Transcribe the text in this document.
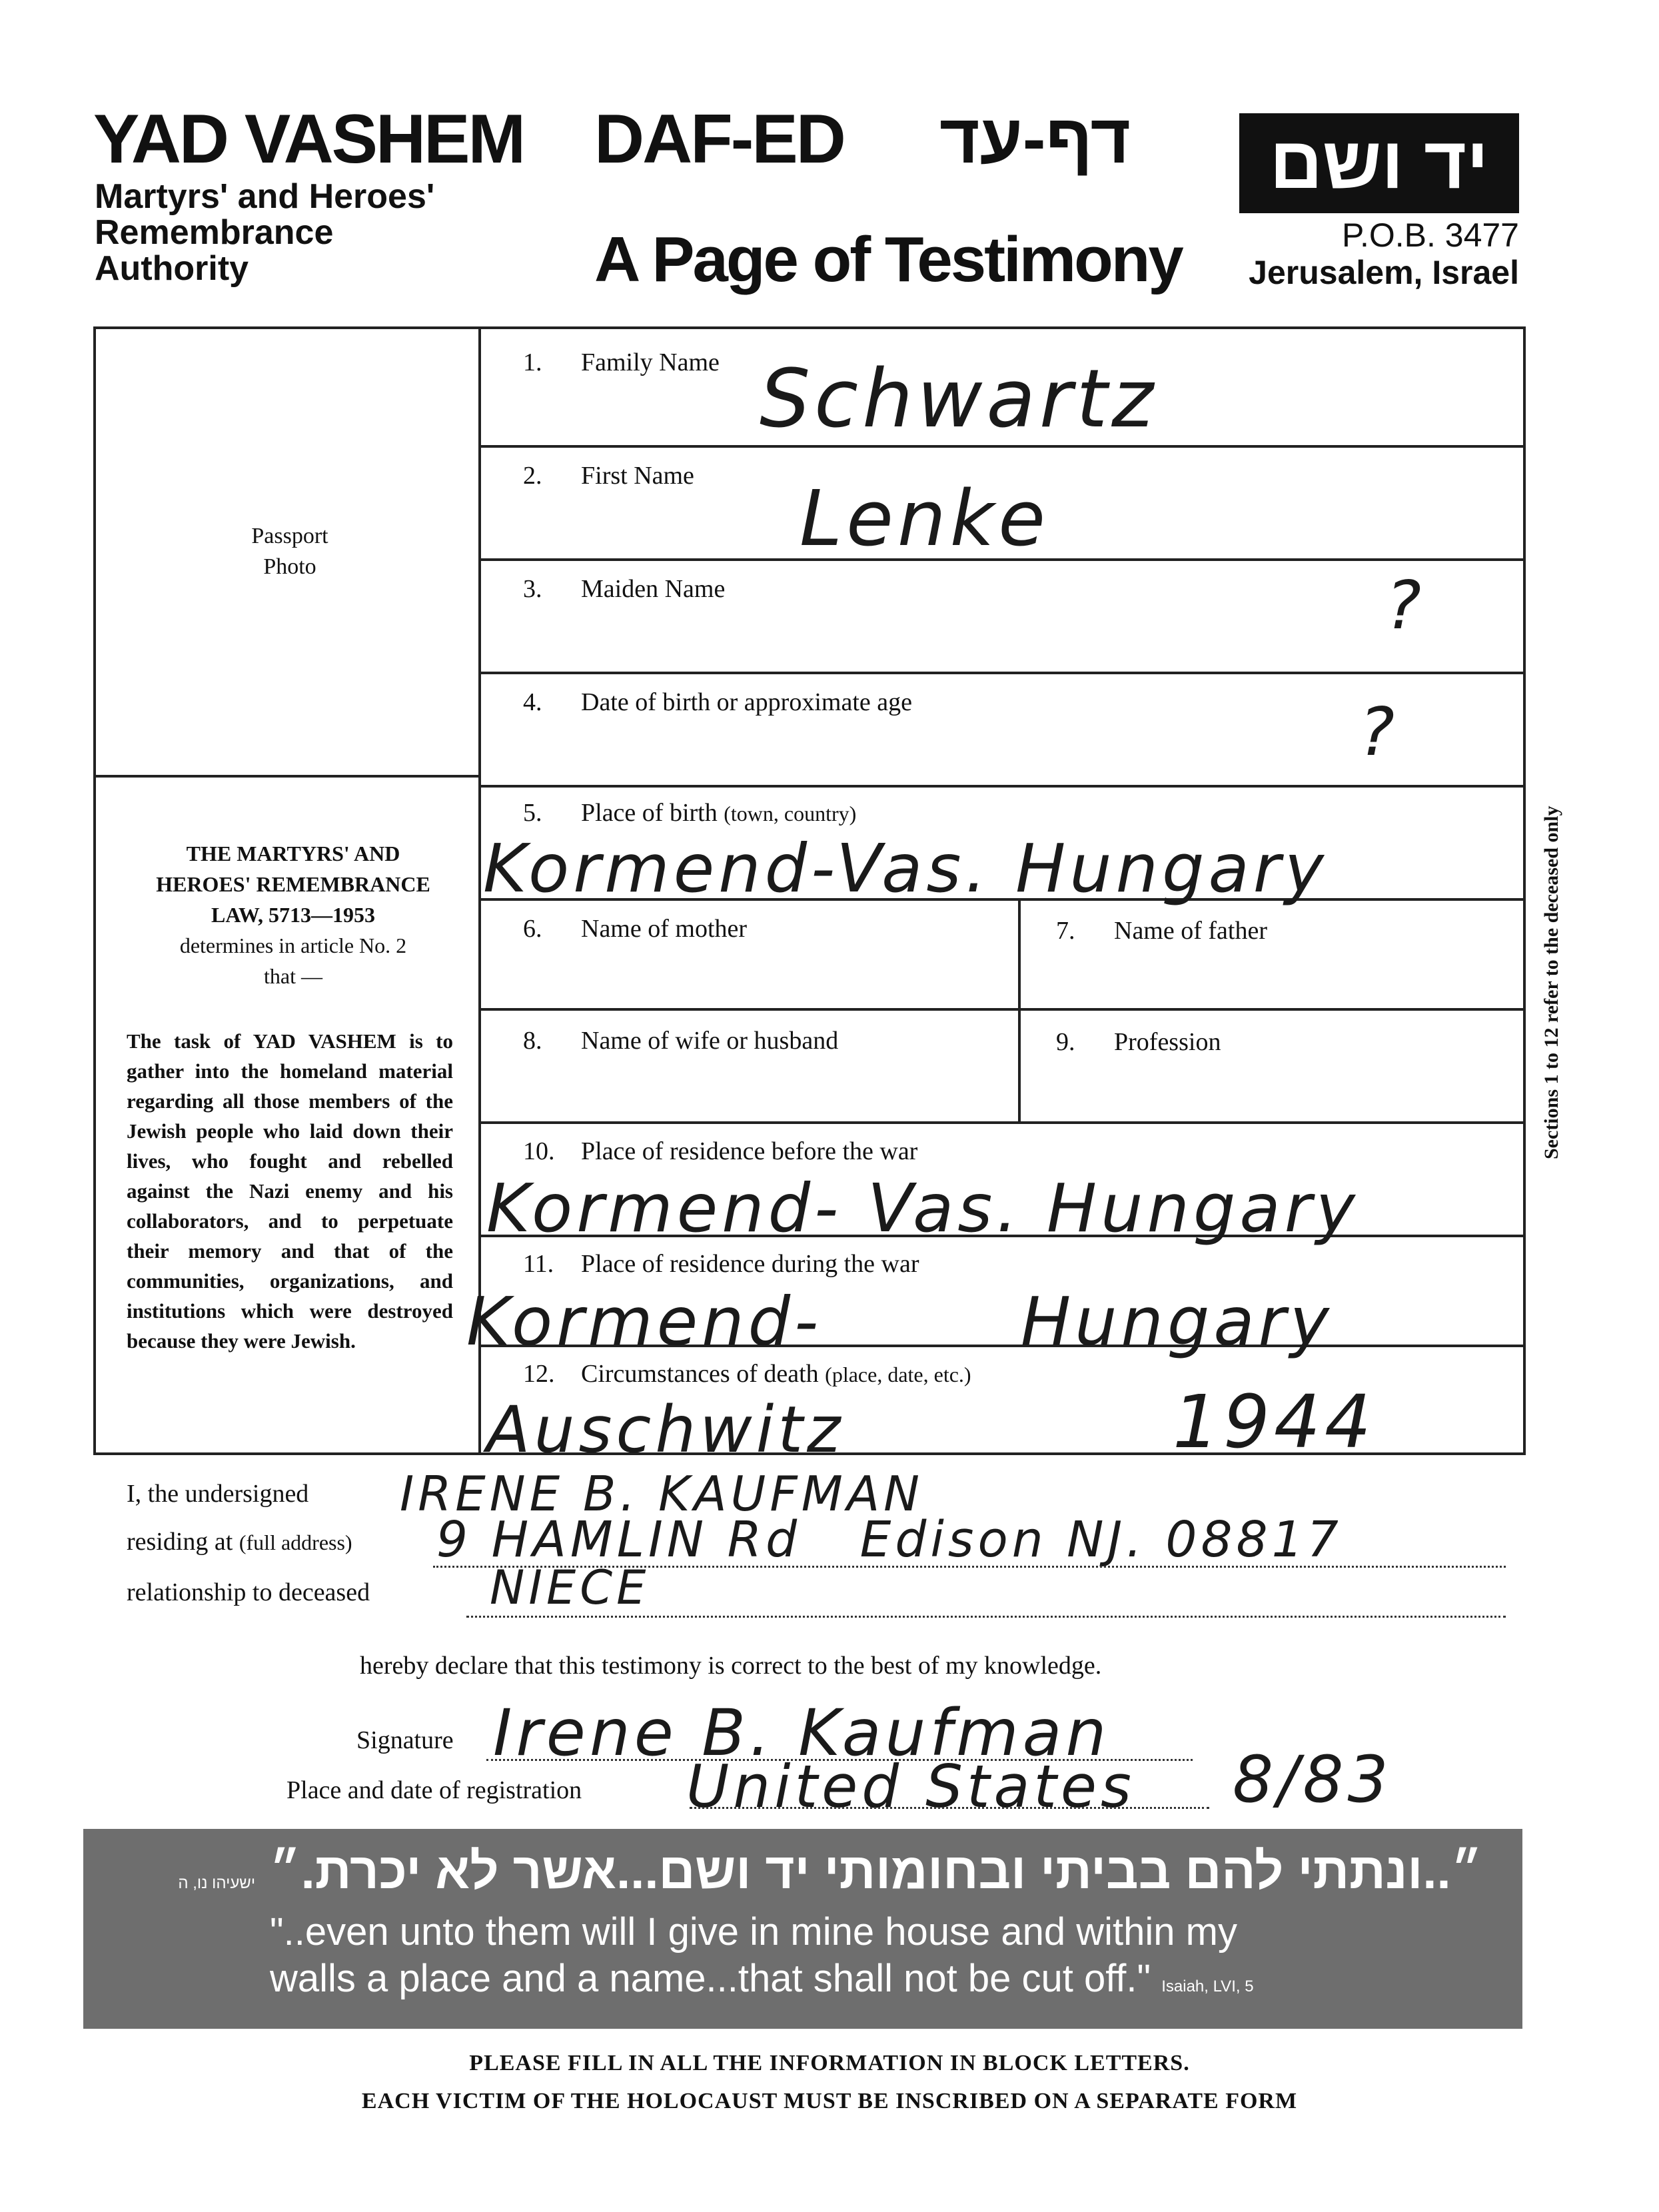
YAD VASHEM
Martyrs' and Heroes'
Remembrance
Authority
DAF-ED דף-עד
A Page of Testimony
יד ושם
P.O.B. 3477
Jerusalem, Israel
Passport
Photo
THE MARTYRS' AND
HEROES' REMEMBRANCE
LAW, 5713—1953
determines in article No. 2
that —
The task of YAD VASHEM is to gather into the homeland material regarding all those members of the Jewish people who laid down their lives, who fought and rebelled against the Nazi enemy and his collaborators, and to perpetuate their memory and that of the communities, organizations, and institutions which were destroyed because they were Jewish.
1. Family Name Schwartz
2. First Name Lenke
3. Maiden Name	?
4. Date of birth or approximate age	?
5. Place of birth (town, country)
Kormend-Vas. Hungary
6. Name of mother	7. Name of father
8. Name of wife or husband	9. Profession
10. Place of residence before the war
Kormend- Vas. Hungary
11. Place of residence during the war
Kormend- Hungary
12. Circumstances of death (place, date, etc.)
Auschwitz	1944
Sections 1 to 12 refer to the deceased only
I, the undersigned IRENE B. KAUFMAN
residing at (full address) 9 HAMLIN Rd   Edison NJ. 08817
relationship to deceased	NIECE
hereby declare that this testimony is correct to the best of my knowledge.
Signature Irene B. Kaufman
Place and date of registration United States 8/83
״..ונתתי להם בביתי ובחומותי יד ושם...אשר לא יכרת.״ ישעיהו נו, ה
"..even unto them will I give in mine house and within my
walls a place and a name...that shall not be cut off." Isaiah, LVI, 5
PLEASE FILL IN ALL THE INFORMATION IN BLOCK LETTERS.
EACH VICTIM OF THE HOLOCAUST MUST BE INSCRIBED ON A SEPARATE FORM
